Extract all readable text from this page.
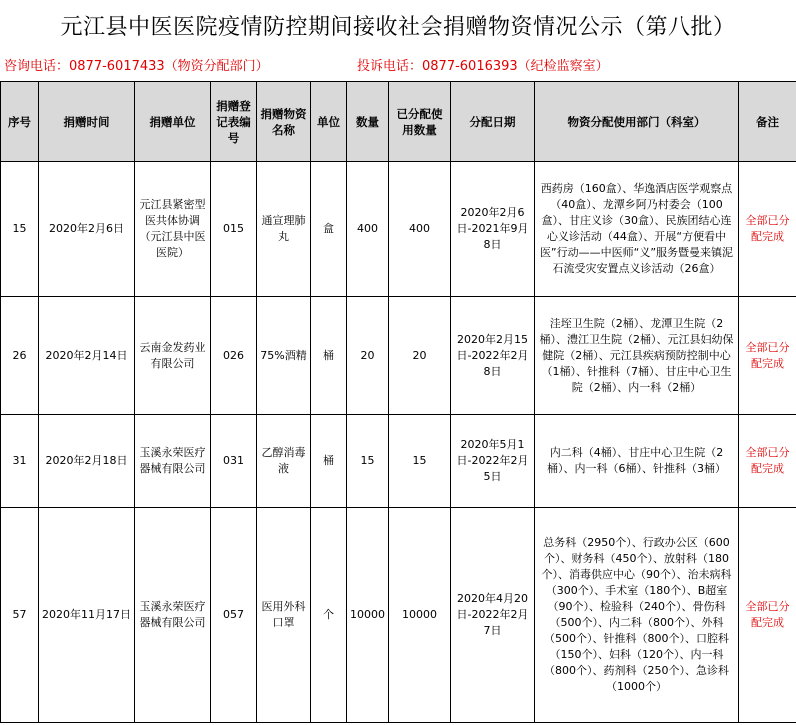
元江县中医医院疫情防控期间接收社会捐赠物资情况公示（第八批）
咨询电话：0877-6017433（物资分配部门）	投诉电话：0877-6016393（纪检监察室）
序号	捐赠时间	捐赠单位	捐赠登记表编号	捐赠物资名称	单位	数量	已分配使用数量	分配日期	物资分配使用部门（科室）	备注
15	2020年2月6日	元江县紧密型医共体协调（元江县中医医院）	015	通宣理肺丸	盒	400	400	2020年2月6日-2021年9月8日	西药房（160盒）、华逸酒店医学观察点（40盒）、龙潭乡阿乃村委会（100盒）、甘庄义诊（30盒）、民族团结心连心义诊活动（44盒）、开展“方便看中医”行动——中医师“义”服务暨曼来镇泥石流受灾安置点义诊活动（26盒）	全部已分配完成
26	2020年2月14日	云南金发药业有限公司	026	75%酒精	桶	20	20	2020年2月15日-2022年2月8日	洼垤卫生院（2桶）、龙潭卫生院（2桶）、澧江卫生院（2桶）、元江县妇幼保健院（2桶）、元江县疾病预防控制中心（1桶）、针推科（7桶）、甘庄中心卫生院（2桶）、内一科（2桶）	全部已分配完成
31	2020年2月18日	玉溪永荣医疗器械有限公司	031	乙醇消毒液	桶	15	15	2020年5月1日-2022年2月5日	内二科（4桶）、甘庄中心卫生院（2桶）、内一科（6桶）、针推科（3桶）	全部已分配完成
57	2020年11月17日	玉溪永荣医疗器械有限公司	057	医用外科口罩	个	10000	10000	2020年4月20日-2022年2月7日	总务科（2950个）、行政办公区（600个）、财务科（450个）、放射科（180个）、消毒供应中心（90个）、治未病科（300个）、手术室（180个）、B超室（90个）、检验科（240个）、骨伤科（500个）、内二科（800个）、外科（500个）、针推科（800个）、口腔科（150个）、妇科（120个）、内一科（800个）、药剂科（250个）、急诊科（1000个）	全部已分配完成
